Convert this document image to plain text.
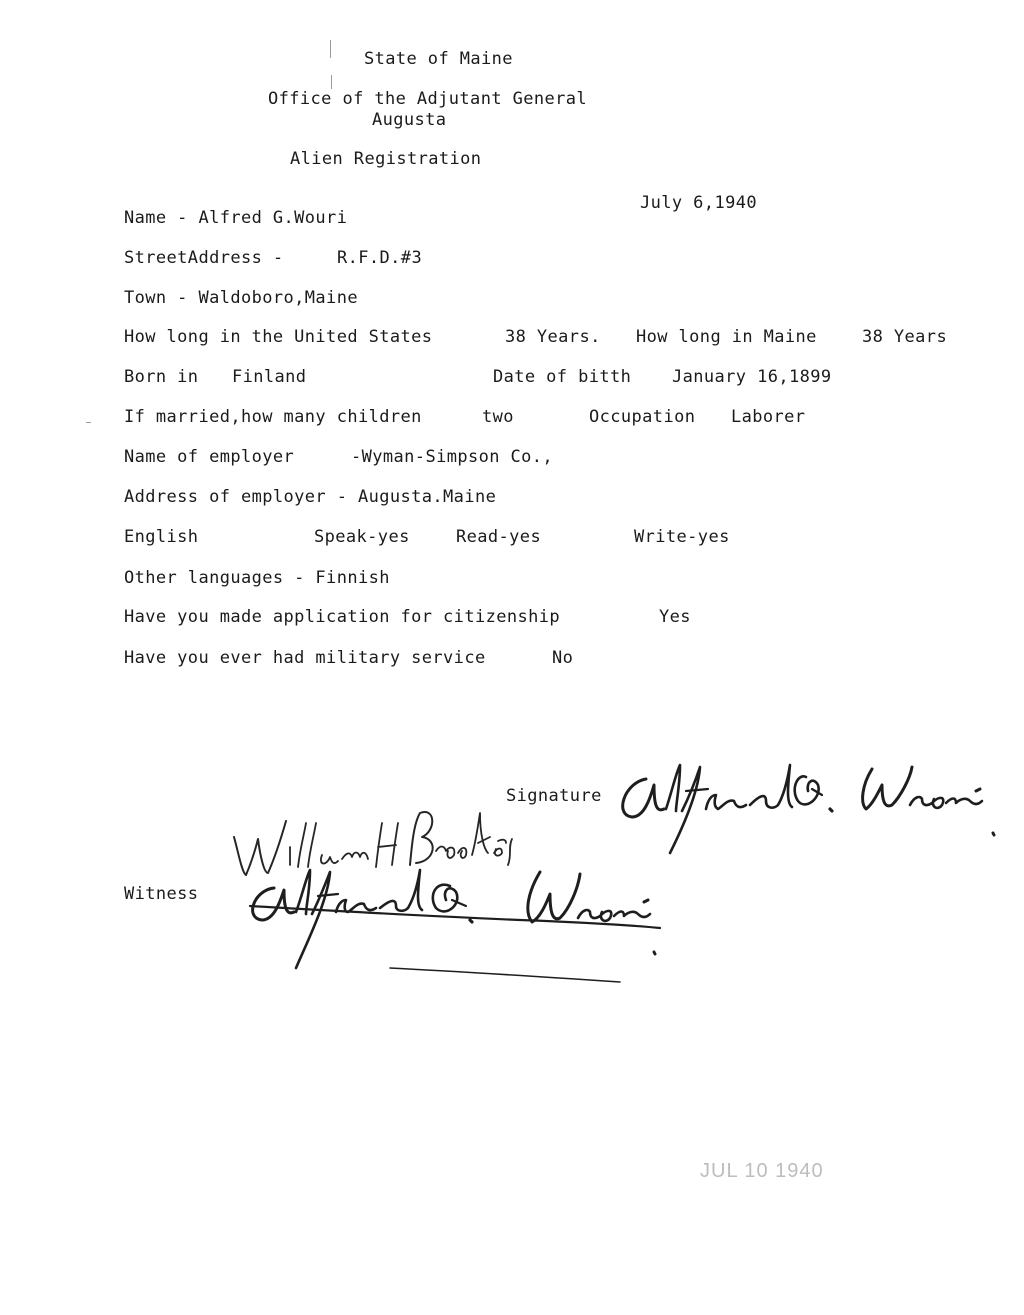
State of Maine
Office of the Adjutant General
Augusta
Alien Registration
July 6,1940
Name - Alfred G.Wouri
StreetAddress -	R.F.D.#3
Town - Waldoboro,Maine
How long in the United States	38 Years. How long in Maine	38 Years
Born in Finland	Date of bitth January 16,1899
If married,how many children	two	Occupation Laborer
Name of employer	-Wyman-Simpson Co.,
Address of employer - Augusta.Maine
English	Speak-yes	Read-yes	Write-yes
Other languages - Finnish
Have you made application for citizenship	Yes
Have you ever had military service	No
Signature
Witness
JUL 10 1940
